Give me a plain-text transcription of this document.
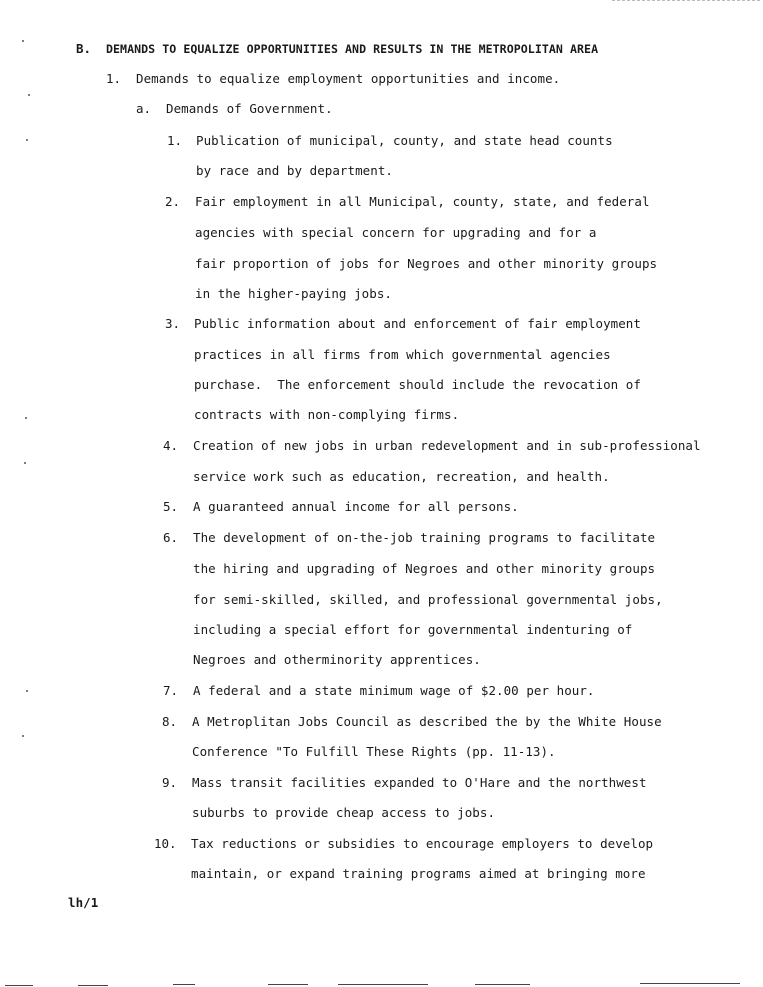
B. DEMANDS TO EQUALIZE OPPORTUNITIES AND RESULTS IN THE METROPOLITAN AREA
1. Demands to equalize employment opportunities and income.
a. Demands of Government.
1. Publication of municipal, county, and state head counts
by race and by department.
2. Fair employment in all Municipal, county, state, and federal
agencies with special concern for upgrading and for a
fair proportion of jobs for Negroes and other minority groups
in the higher-paying jobs.
3. Public information about and enforcement of fair employment
practices in all firms from which governmental agencies
purchase.  The enforcement should include the revocation of
contracts with non-complying firms.
4. Creation of new jobs in urban redevelopment and in sub-professional
service work such as education, recreation, and health.
5. A guaranteed annual income for all persons.
6. The development of on-the-job training programs to facilitate
the hiring and upgrading of Negroes and other minority groups
for semi-skilled, skilled, and professional governmental jobs,
including a special effort for governmental indenturing of
Negroes and otherminority apprentices.
7. A federal and a state minimum wage of $2.00 per hour.
8. A Metroplitan Jobs Council as described the by the White House
Conference "To Fulfill These Rights (pp. 11-13).
9. Mass transit facilities expanded to O'Hare and the northwest
suburbs to provide cheap access to jobs.
10. Tax reductions or subsidies to encourage employers to develop
maintain, or expand training programs aimed at bringing more
lh/1
